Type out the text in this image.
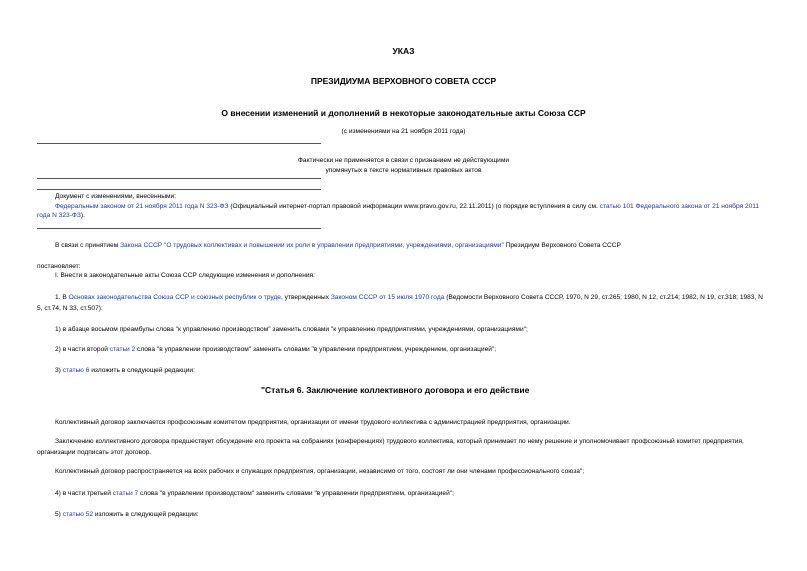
УКАЗ
ПРЕЗИДИУМА ВЕРХОВНОГО СОВЕТА СССР
О внесении изменений и дополнений в некоторые законодательные акты Союза ССР
(с изменениями на 21 ноября 2011 года)
Фактически не применяется в связи с признанием не действующими
упомянутых в тексте нормативных правовых актов
Документ с изменениями, внесенными:

Федеральным законом от 21 ноября 2011 года N 323-ФЗ (Официальный интернет-портал правовой информации www.pravo.gov.ru, 22.11.2011) (о порядке вступления в силу см. статью 101 Федерального закона от 21 ноября 2011 года N 323-ФЗ).

В связи с принятием Закона СССР "О трудовых коллективах и повышении их роли в управлении предприятиями, учреждениями, организациями" Президиум Верховного Совета СССР

постановляет:
I. Внести в законодательные акты Союза ССР следующие изменения и дополнения:

1. В Основах законодательства Союза ССР и союзных республик о труде, утвержденных Законом СССР от 15 июля 1970 года (Ведомости Верховного Совета СССР, 1970, N 29, ст.265; 1980, N 12, ст.214; 1982, N 19, ст.318; 1983, N 5, ст.74, N 33, ст.507):

1) в абзаце восьмом преамбулы слова "к управлению производством" заменить словами "к управлению предприятиями, учреждениями, организациями";

2) в части второй статьи 2 слова "в управлении производством" заменить словами "в управлении предприятием, учреждением, организацией";

3) статью 6 изложить в следующей редакции:

"Статья 6. Заключение коллективного договора и его действие
Коллективный договор заключается профсоюзным комитетом предприятия, организации от имени трудового коллектива с администрацией предприятия, организации.

Заключению коллективного договора предшествует обсуждение его проекта на собраниях (конференциях) трудового коллектива, который принимает по нему решение и уполномочивает профсоюзный комитет предприятия, организации подписать этот договор.

Коллективный договор распространяется на всех рабочих и служащих предприятия, организации, независимо от того, состоят ли они членами профессионального союза";

4) в части третьей статьи 7 слова "в управлении производством" заменить словами "в управлении предприятием, организацией";

5) статью 52 изложить в следующей редакции:
